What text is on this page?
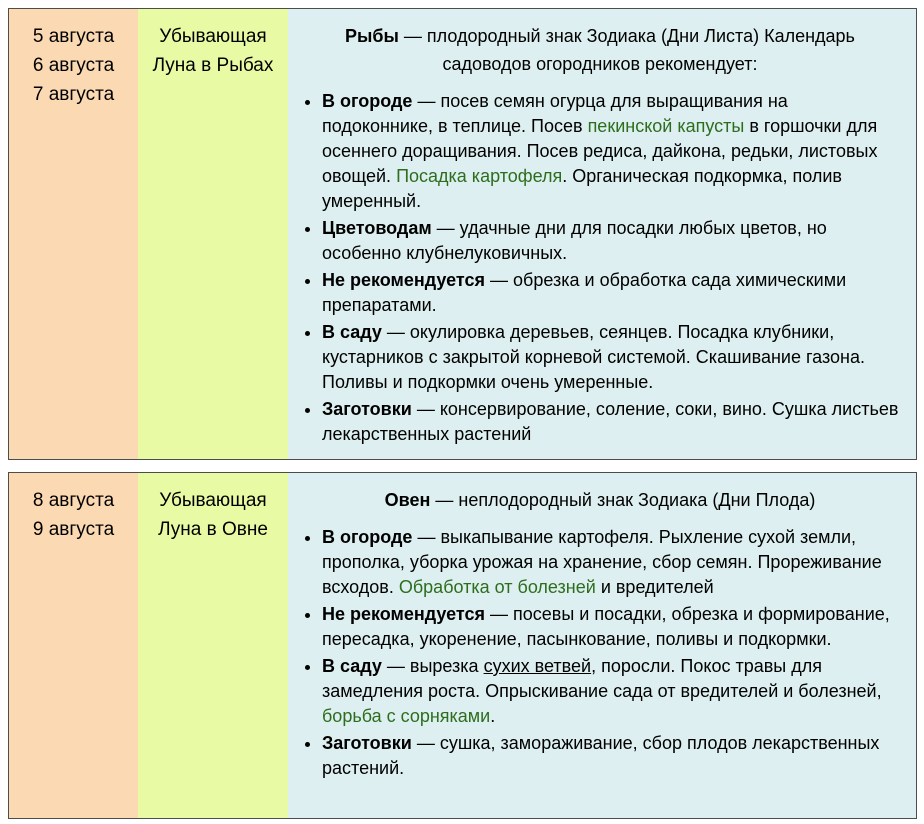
5 августа
6 августа
7 августа
Убывающая
Луна в Рыбах
Рыбы — плодородный знак Зодиака (Дни Листа) Календарь садоводов огородников рекомендует:
• В огороде — посев семян огурца для выращивания на подоконнике, в теплице. Посев пекинской капусты в горшочки для осеннего доращивания. Посев редиса, дайкона, редьки, листовых овощей. Посадка картофеля. Органическая подкормка, полив умеренный.
• Цветоводам — удачные дни для посадки любых цветов, но особенно клубнелуковичных.
• Не рекомендуется — обрезка и обработка сада химическими препаратами.
• В саду — окулировка деревьев, сеянцев. Посадка клубники, кустарников с закрытой корневой системой. Скашивание газона. Поливы и подкормки очень умеренные.
• Заготовки — консервирование, соление, соки, вино. Сушка листьев лекарственных растений
8 августа
9 августа
Убывающая
Луна в Овне
Овен — неплодородный знак Зодиака (Дни Плода)
• В огороде — выкапывание картофеля. Рыхление сухой земли, прополка, уборка урожая на хранение, сбор семян. Прореживание всходов. Обработка от болезней и вредителей
• Не рекомендуется — посевы и посадки, обрезка и формирование, пересадка, укоренение, пасынкование, поливы и подкормки.
• В саду — вырезка сухих ветвей, поросли. Покос травы для замедления роста. Опрыскивание сада от вредителей и болезней, борьба с сорняками.
• Заготовки — сушка, замораживание, сбор плодов лекарственных растений.
